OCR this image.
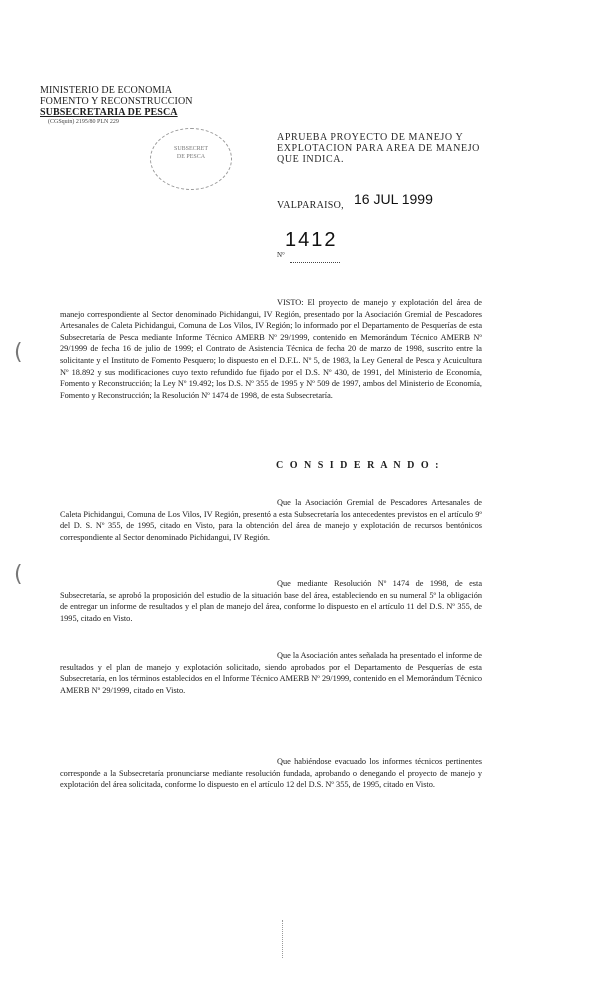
MINISTERIO DE ECONOMIA
FOMENTO Y RECONSTRUCCION
SUBSECRETARIA DE PESCA
(CGSquin) 2195/80 PLN 229
SUBSECRET
DE PESCA
APRUEBA PROYECTO DE MANEJO Y EXPLOTACION PARA AREA DE MANEJO QUE INDICA.
VALPARAISO, 16 JUL 1999
1412
N°
VISTO: El proyecto de manejo y explotación del área de manejo correspondiente al Sector denominado Pichidangui, IV Región, presentado por la Asociación Gremial de Pescadores Artesanales de Caleta Pichidangui, Comuna de Los Vilos, IV Región; lo informado por el Departamento de Pesquerías de esta Subsecretaría de Pesca mediante Informe Técnico AMERB Nº 29/1999, contenido en Memorándum Técnico AMERB Nº 29/1999 de fecha 16 de julio de 1999; el Contrato de Asistencia Técnica de fecha 20 de marzo de 1998, suscrito entre la solicitante y el Instituto de Fomento Pesquero; lo dispuesto en el D.F.L. Nº 5, de 1983, la Ley General de Pesca y Acuicultura Nº 18.892 y sus modificaciones cuyo texto refundido fue fijado por el D.S. Nº 430, de 1991, del Ministerio de Economía, Fomento y Reconstrucción; la Ley Nº 19.492; los D.S. Nº 355 de 1995 y Nº 509 de 1997, ambos del Ministerio de Economía, Fomento y Reconstrucción; la Resolución Nº 1474 de 1998, de esta Subsecretaría.
C O N S I D E R A N D O :
Que la Asociación Gremial de Pescadores Artesanales de Caleta Pichidangui, Comuna de Los Vilos, IV Región, presentó a esta Subsecretaría los antecedentes previstos en el artículo 9º del D. S. Nº 355, de 1995, citado en Visto, para la obtención del área de manejo y explotación de recursos bentónicos correspondiente al Sector denominado Pichidangui, IV Región.
Que mediante Resolución Nº 1474 de 1998, de esta Subsecretaría, se aprobó la proposición del estudio de la situación base del área, estableciendo en su numeral 5º la obligación de entregar un informe de resultados y el plan de manejo del área, conforme lo dispuesto en el artículo 11 del D.S. Nº 355, de 1995, citado en Visto.
Que la Asociación antes señalada ha presentado el informe de resultados y el plan de manejo y explotación solicitado, siendo aprobados por el Departamento de Pesquerías de esta Subsecretaría, en los términos establecidos en el Informe Técnico AMERB Nº 29/1999, contenido en el Memorándum Técnico AMERB Nº 29/1999, citado en Visto.
Que habiéndose evacuado los informes técnicos pertinentes corresponde a la Subsecretaría pronunciarse mediante resolución fundada, aprobando o denegando el proyecto de manejo y explotación del área solicitada, conforme lo dispuesto en el artículo 12 del D.S. Nº 355, de 1995, citado en Visto.
(
(
